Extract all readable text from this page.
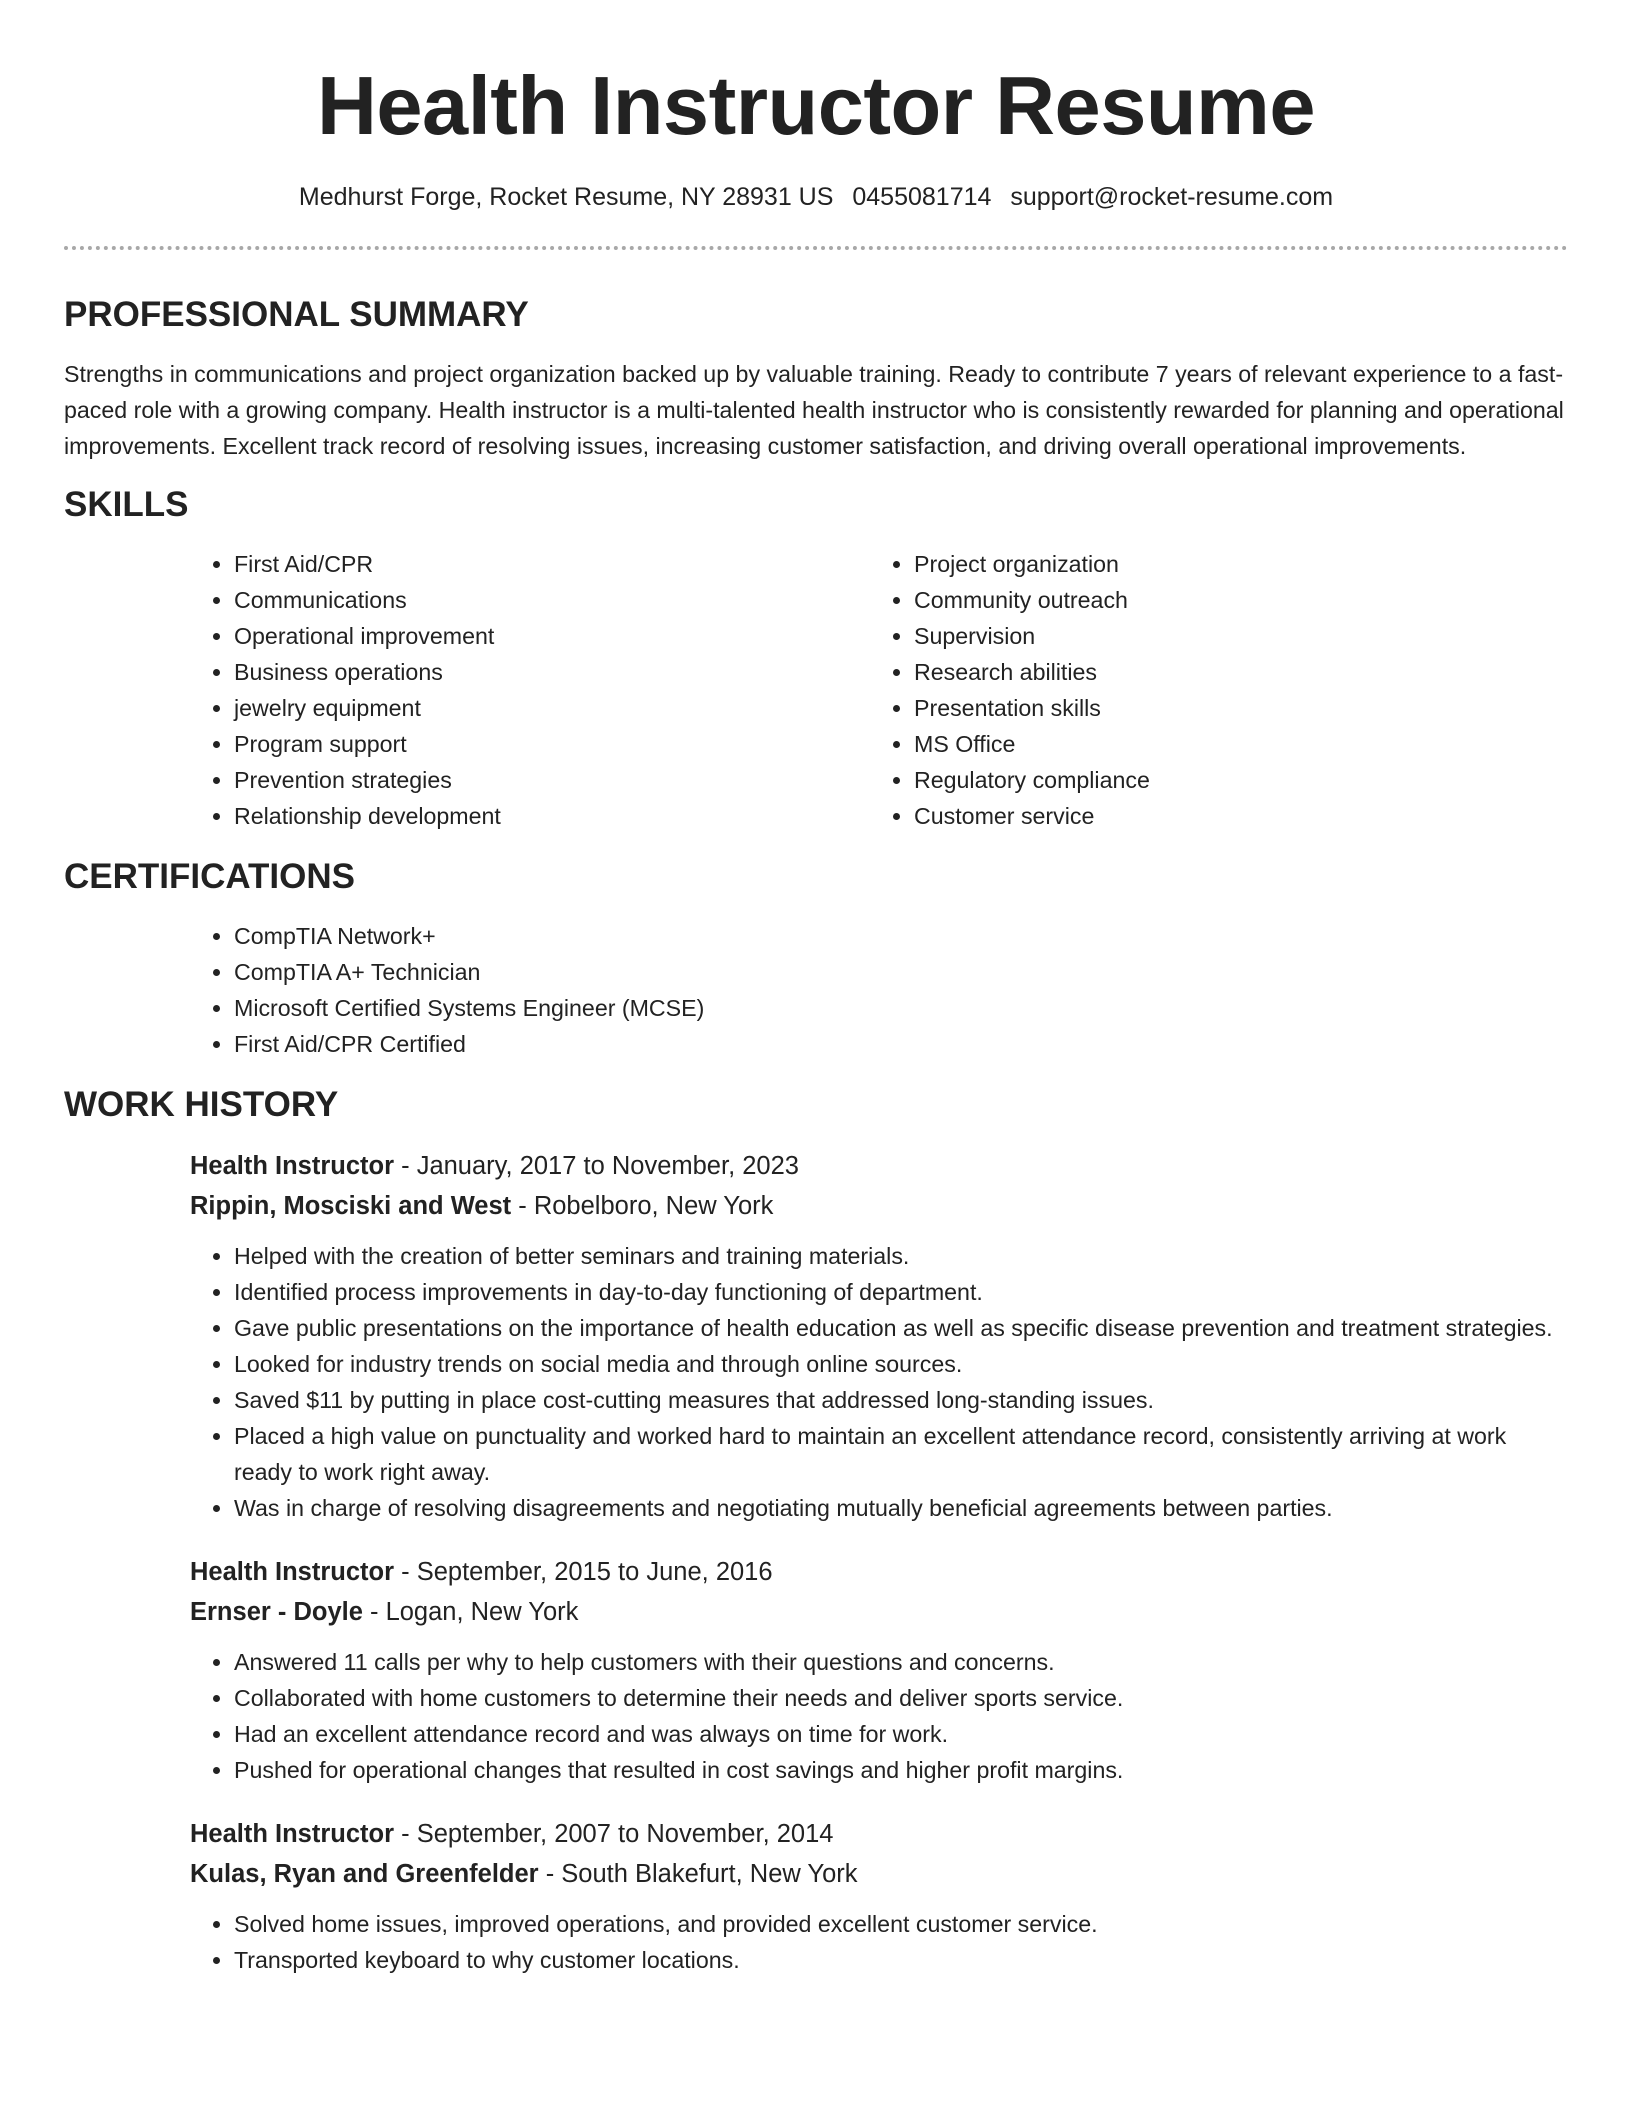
Health Instructor Resume
Medhurst Forge, Rocket Resume, NY 28931 US 0455081714 support@rocket-resume.com
PROFESSIONAL SUMMARY

Strengths in communications and project organization backed up by valuable training. Ready to contribute 7 years of relevant experience to a fast-paced role with a growing company. Health instructor is a multi-talented health instructor who is consistently rewarded for planning and operational improvements. Excellent track record of resolving issues, increasing customer satisfaction, and driving overall operational improvements.

SKILLS
• First Aid/CPR
• Communications
• Operational improvement
• Business operations
• jewelry equipment
• Program support
• Prevention strategies
• Relationship development
• Project organization
• Community outreach
• Supervision
• Research abilities
• Presentation skills
• MS Office
• Regulatory compliance
• Customer service
CERTIFICATIONS
• CompTIA Network+
• CompTIA A+ Technician
• Microsoft Certified Systems Engineer (MCSE)
• First Aid/CPR Certified
WORK HISTORY
Health Instructor - January, 2017 to November, 2023
Rippin, Mosciski and West - Robelboro, New York
• Helped with the creation of better seminars and training materials.
• Identified process improvements in day-to-day functioning of department.
• Gave public presentations on the importance of health education as well as specific disease prevention and treatment strategies.
• Looked for industry trends on social media and through online sources.
• Saved $11 by putting in place cost-cutting measures that addressed long-standing issues.
• Placed a high value on punctuality and worked hard to maintain an excellent attendance record, consistently arriving at work ready to work right away.
• Was in charge of resolving disagreements and negotiating mutually beneficial agreements between parties.
Health Instructor - September, 2015 to June, 2016
Ernser - Doyle - Logan, New York
• Answered 11 calls per why to help customers with their questions and concerns.
• Collaborated with home customers to determine their needs and deliver sports service.
• Had an excellent attendance record and was always on time for work.
• Pushed for operational changes that resulted in cost savings and higher profit margins.
Health Instructor - September, 2007 to November, 2014
Kulas, Ryan and Greenfelder - South Blakefurt, New York
• Solved home issues, improved operations, and provided excellent customer service.
• Transported keyboard to why customer locations.
